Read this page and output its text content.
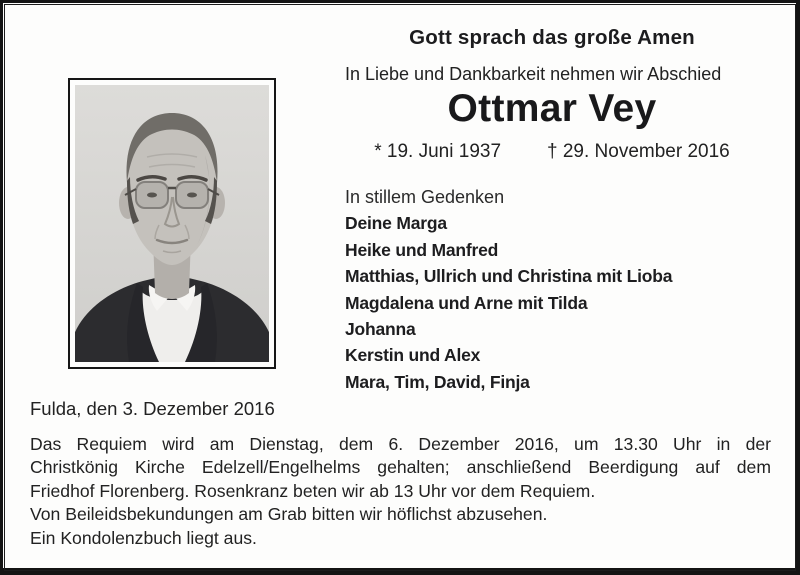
Gott sprach das große Amen
In Liebe und Dankbarkeit nehmen wir Abschied
Ottmar Vey
* 19. Juni 1937 † 29. November 2016
In stillem Gedenken
Deine Marga
Heike und Manfred
Matthias, Ullrich und Christina mit Lioba
Magdalena und Arne mit Tilda
Johanna
Kerstin und Alex
Mara, Tim, David, Finja
Fulda, den 3. Dezember 2016
Das Requiem wird am Dienstag, dem 6. Dezember 2016, um 13.30 Uhr in der
Christkönig Kirche Edelzell/Engelhelms gehalten; anschließend Beerdigung auf dem
Friedhof Florenberg. Rosenkranz beten wir ab 13 Uhr vor dem Requiem.
Von Beileidsbekundungen am Grab bitten wir höflichst abzusehen.
Ein Kondolenzbuch liegt aus.
